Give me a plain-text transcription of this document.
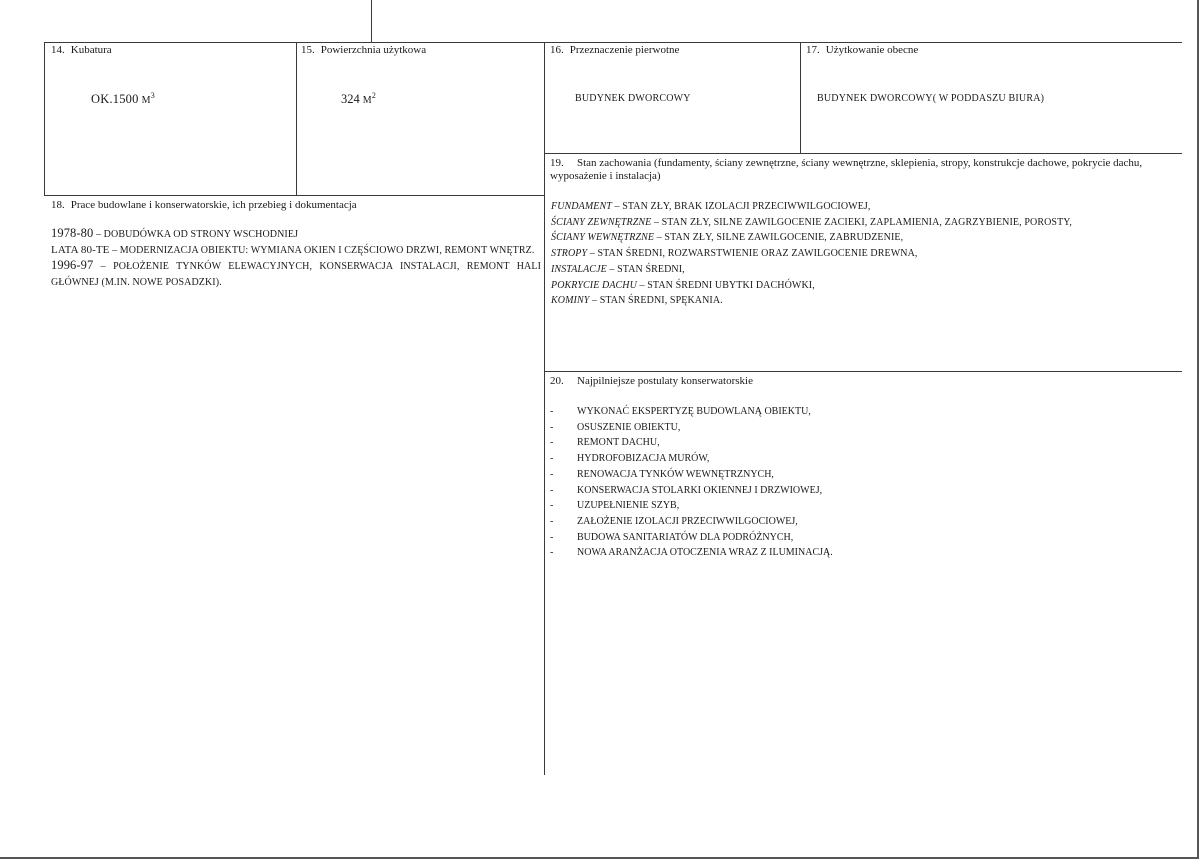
14. Kubatura
OK.1500 $M^3$
15. Powierzchnia użytkowa
324 $M^2$
16. Przeznaczenie pierwotne
BUDYNEK DWORCOWY
17. Użytkowanie obecne
BUDYNEK DWORCOWY( W PODDASZU BIURA)
18. Prace budowlane i konserwatorskie, ich przebieg i dokumentacja
1978-80 – DOBUDÓWKA OD STRONY WSCHODNIEJ
LATA 80-TE – MODERNIZACJA OBIEKTU: WYMIANA OKIEN I CZĘŚCIOWO DRZWI, REMONT WNĘTRZ.
1996-97 – POŁOŻENIE TYNKÓW ELEWACYJNYCH, KONSERWACJA INSTALACJI, REMONT HALI GŁÓWNEJ (M.IN. NOWE POSADZKI).
19. Stan zachowania (fundamenty, ściany zewnętrzne, ściany wewnętrzne, sklepienia, stropy, konstrukcje dachowe, pokrycie dachu, wyposażenie i instalacja)
FUNDAMENT – STAN ZŁY, BRAK IZOLACJI PRZECIWWILGOCIOWEJ,
ŚCIANY ZEWNĘTRZNE – STAN ZŁY, SILNE ZAWILGOCENIE ZACIEKI, ZAPLAMIENIA, ZAGRZYBIENIE, POROSTY,
ŚCIANY WEWNĘTRZNE – STAN ZŁY, SILNE ZAWILGOCENIE, ZABRUDZENIE,
STROPY – STAN ŚREDNI, ROZWARSTWIENIE ORAZ ZAWILGOCENIE DREWNA,
INSTALACJE – STAN ŚREDNI,
POKRYCIE DACHU – STAN ŚREDNI UBYTKI DACHÓWKI,
KOMINY – STAN ŚREDNI, SPĘKANIA.
20. Najpilniejsze postulaty konserwatorskie
- WYKONAĆ EKSPERTYZĘ BUDOWLANĄ OBIEKTU,
- OSUSZENIE OBIEKTU,
- REMONT DACHU,
- HYDROFOBIZACJA MURÓW,
- RENOWACJA TYNKÓW WEWNĘTRZNYCH,
- KONSERWACJA STOLARKI OKIENNEJ I DRZWIOWEJ,
- UZUPEŁNIENIE SZYB,
- ZAŁOŻENIE IZOLACJI PRZECIWWILGOCIOWEJ,
- BUDOWA SANITARIATÓW DLA PODRÓŻNYCH,
- NOWA ARANŻACJA OTOCZENIA WRAZ Z ILUMINACJĄ.
